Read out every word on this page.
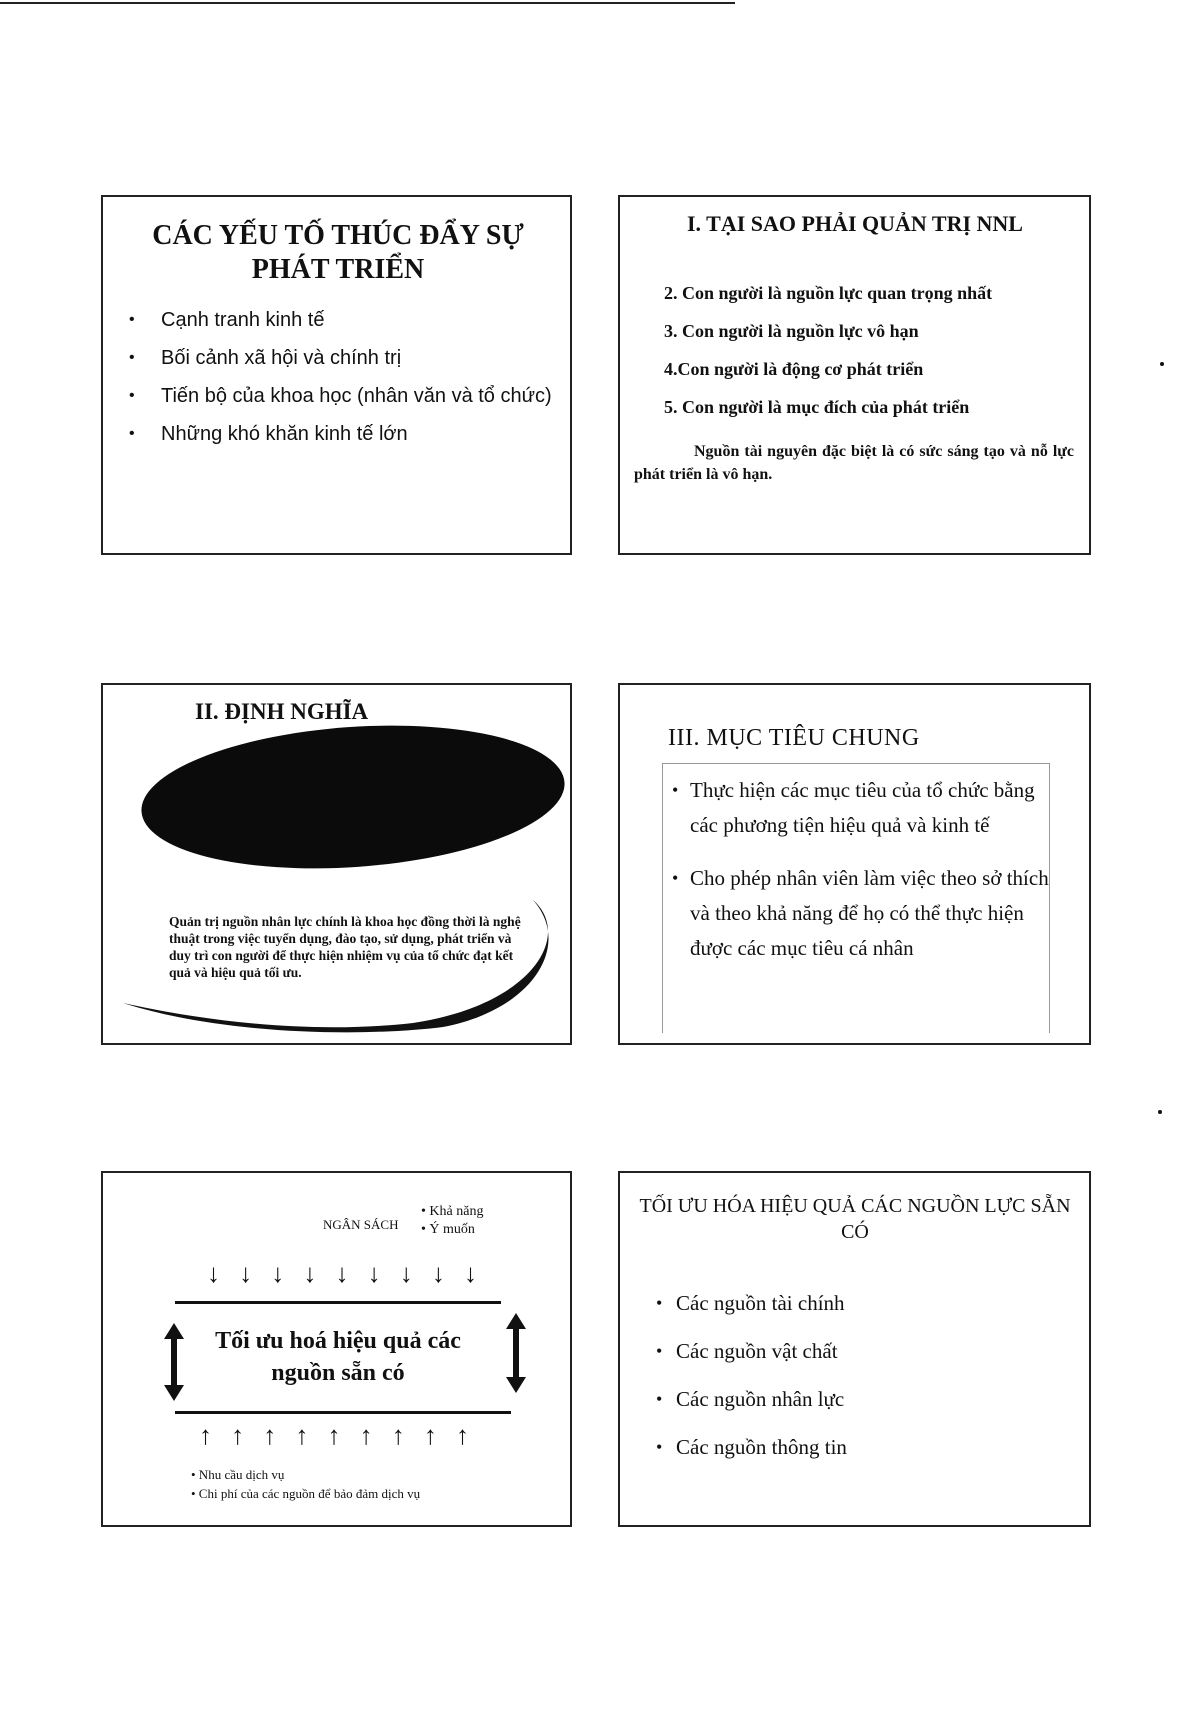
CÁC YẾU TỐ THÚC ĐẨY SỰ PHÁT TRIỂN
• Cạnh tranh kinh tế
• Bối cảnh xã hội và chính trị
• Tiến bộ của khoa học (nhân văn và tổ chức)
• Những khó khăn kinh tế lớn
I. TẠI SAO PHẢI QUẢN TRỊ NNL
2. Con người là nguồn lực quan trọng nhất
3. Con người là nguồn lực vô hạn
4.Con người là động cơ phát triển
5. Con người là mục đích của phát triển
Nguồn tài nguyên đặc biệt là có sức sáng tạo và nỗ lực phát triển là vô hạn.
II. ĐỊNH NGHĨA
Quản trị nguồn nhân lực chính là khoa học đồng thời là nghệ thuật trong việc tuyển dụng, đào tạo, sử dụng, phát triển và duy trì con người để thực hiện nhiệm vụ của tổ chức đạt kết quả và hiệu quả tối ưu.
III. MỤC TIÊU CHUNG
• Thực hiện các mục tiêu của tổ chức bằng các phương tiện hiệu quả và kinh tế
• Cho phép nhân viên làm việc theo sở thích và theo khả năng để họ có thể thực hiện được các mục tiêu cá nhân
NGÂN SÁCH
• Khả năng
• Ý muốn
↓ ↓ ↓ ↓ ↓ ↓ ↓ ↓ ↓
Tối ưu hoá hiệu quả các
nguồn sẵn có
↑ ↑ ↑ ↑ ↑ ↑ ↑ ↑ ↑
• Nhu cầu dịch vụ
• Chi phí của các nguồn để bảo đảm dịch vụ
TỐI ƯU HÓA HIỆU QUẢ CÁC NGUỒN LỰC SẴN CÓ
• Các nguồn tài chính
• Các nguồn vật chất
• Các nguồn nhân lực
• Các nguồn thông tin
